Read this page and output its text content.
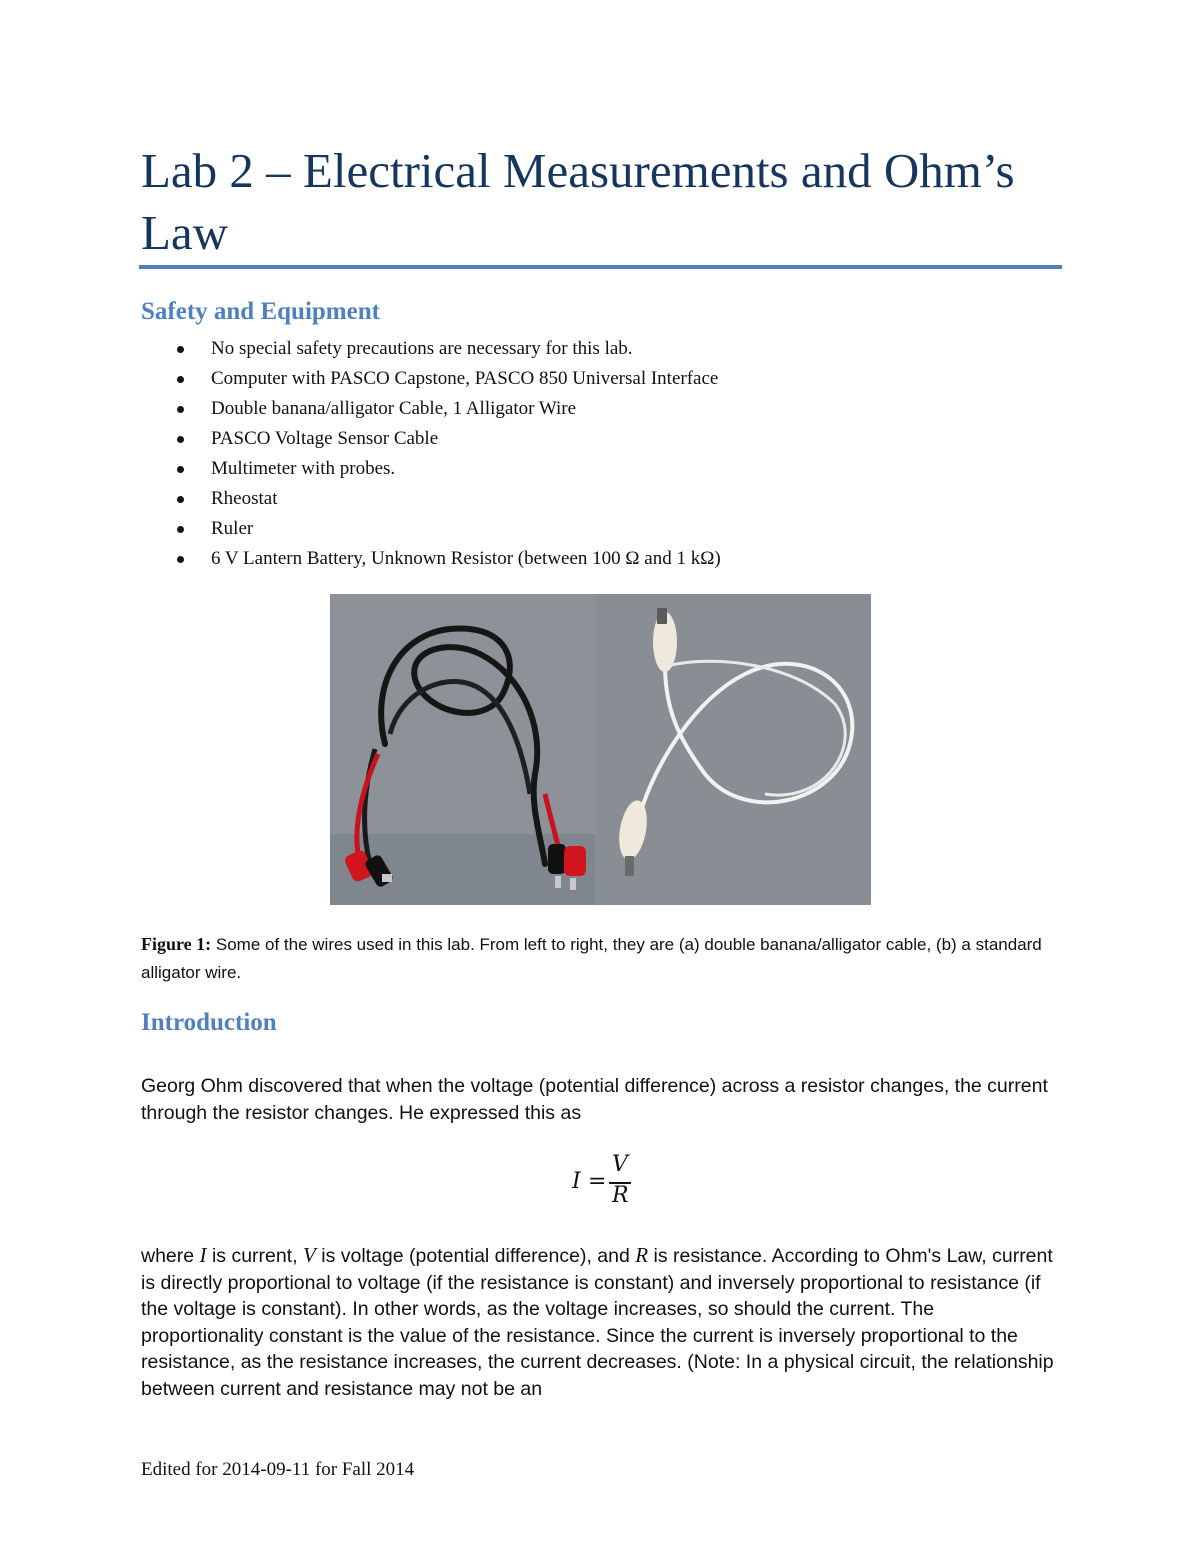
Lab 2 – Electrical Measurements and Ohm’s Law
Safety and Equipment
No special safety precautions are necessary for this lab.
Computer with PASCO Capstone, PASCO 850 Universal Interface
Double banana/alligator Cable, 1 Alligator Wire
PASCO Voltage Sensor Cable
Multimeter with probes.
Rheostat
Ruler
6 V Lantern Battery, Unknown Resistor (between 100 Ω and 1 kΩ)
Figure 1: Some of the wires used in this lab. From left to right, they are (a) double banana/alligator cable, (b) a standard alligator wire.
Introduction
Georg Ohm discovered that when the voltage (potential difference) across a resistor changes, the current through the resistor changes. He expressed this as
I =
V
R
where I is current, V is voltage (potential difference), and R is resistance. According to Ohm's Law, current is directly proportional to voltage (if the resistance is constant) and inversely proportional to resistance (if the voltage is constant). In other words, as the voltage increases, so should the current. The proportionality constant is the value of the resistance. Since the current is inversely proportional to the resistance, as the resistance increases, the current decreases. (Note: In a physical circuit, the relationship between current and resistance may not be an
Edited for 2014-09-11 for Fall 2014
